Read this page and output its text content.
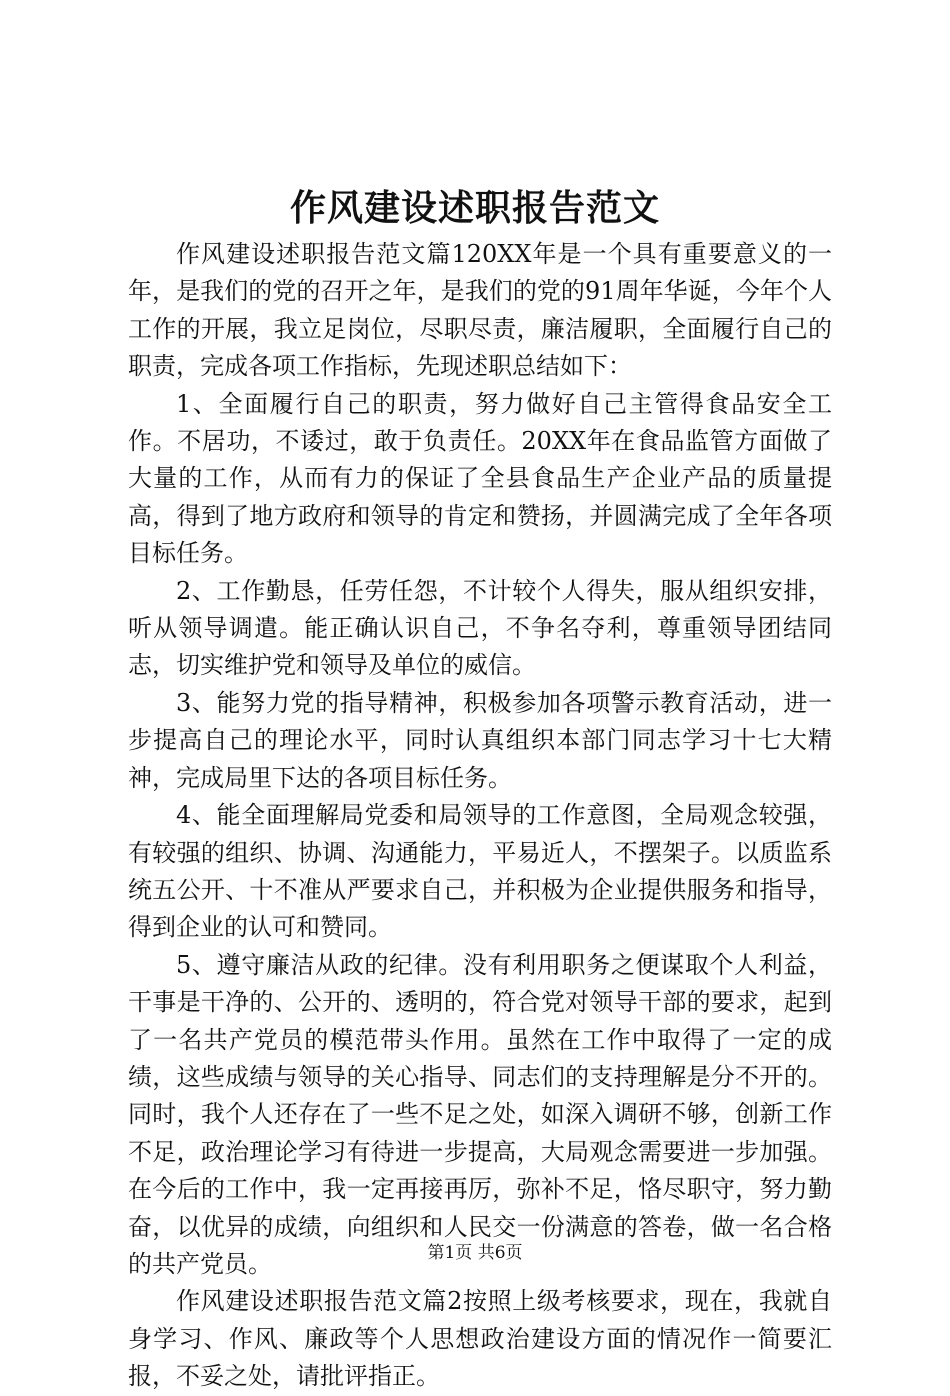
作风建设述职报告范文

作风建设述职报告范文篇120XX年是一个具有重要意义的一年，是我们的党的召开之年，是我们的党的91周年华诞，今年个人工作的开展，我立足岗位，尽职尽责，廉洁履职，全面履行自己的职责，完成各项工作指标，先现述职总结如下：

1、全面履行自己的职责，努力做好自己主管得食品安全工作。不居功，不诿过，敢于负责任。20XX年在食品监管方面做了大量的工作，从而有力的保证了全县食品生产企业产品的质量提高，得到了地方政府和领导的肯定和赞扬，并圆满完成了全年各项目标任务。

2、工作勤恳，任劳任怨，不计较个人得失，服从组织安排，听从领导调遣。能正确认识自己，不争名夺利，尊重领导团结同志，切实维护党和领导及单位的威信。

3、能努力党的指导精神，积极参加各项警示教育活动，进一步提高自己的理论水平，同时认真组织本部门同志学习十七大精神，完成局里下达的各项目标任务。

4、能全面理解局党委和局领导的工作意图，全局观念较强，有较强的组织、协调、沟通能力，平易近人，不摆架子。以质监系统五公开、十不准从严要求自己，并积极为企业提供服务和指导，得到企业的认可和赞同。

5、遵守廉洁从政的纪律。没有利用职务之便谋取个人利益，干事是干净的、公开的、透明的，符合党对领导干部的要求，起到了一名共产党员的模范带头作用。虽然在工作中取得了一定的成绩，这些成绩与领导的关心指导、同志们的支持理解是分不开的。同时，我个人还存在了一些不足之处，如深入调研不够，创新工作不足，政治理论学习有待进一步提高，大局观念需要进一步加强。在今后的工作中，我一定再接再厉，弥补不足，恪尽职守，努力勤奋，以优异的成绩，向组织和人民交一份满意的答卷，做一名合格的共产党员。

作风建设述职报告范文篇2按照上级考核要求，现在，我就自身学习、作风、廉政等个人思想政治建设方面的情况作一简要汇报，不妥之处，请批评指正。

第1页 共6页
